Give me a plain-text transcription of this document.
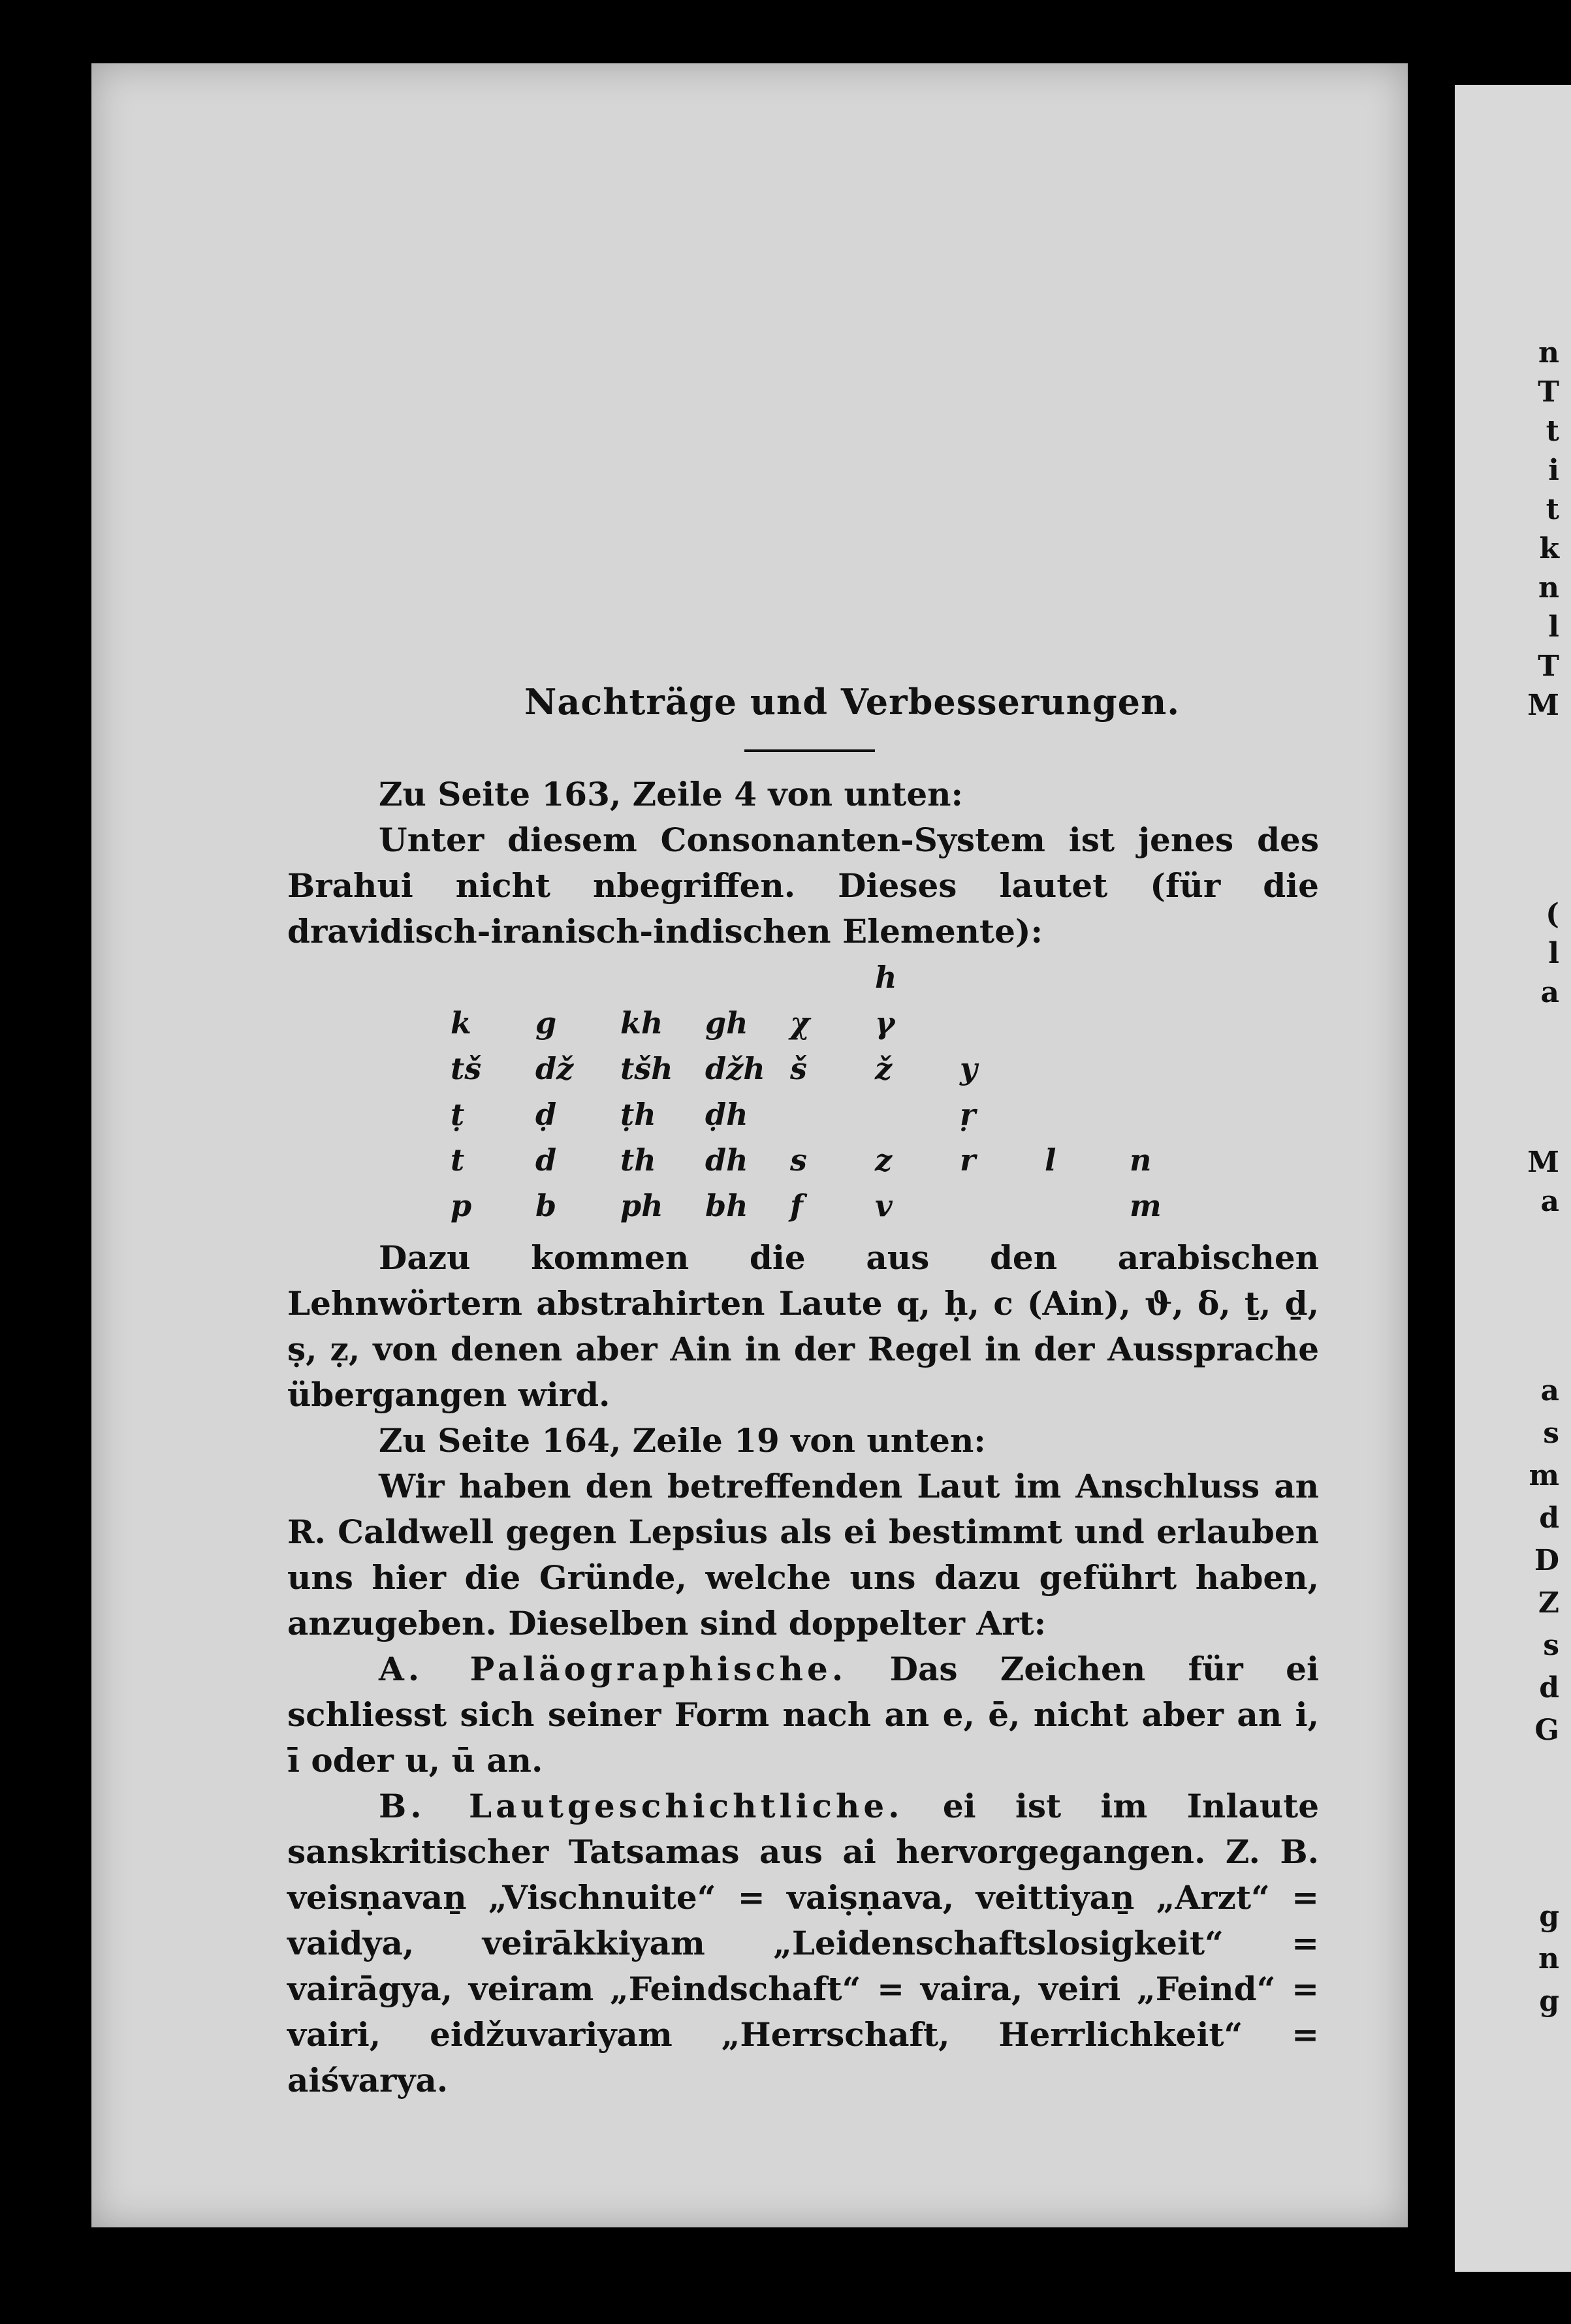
n
T
t
i
t
k
n
l
T
M
(
l
a
M
a
a
s
m
d
D
Z
s
d
G
g
n
g
Nachträge und Verbesserungen.

Zu Seite 163, Zeile 4 von unten:

Unter diesem Consonanten-System ist jenes des Brahui nicht nbegriffen. Dieses lautet (für die dravidisch-iranisch-indischen Elemente):

					h			
k	g	kh	gh	χ	γ			
tš	dž	tšh	džh	š	ž	y		
ṭ	ḍ	ṭh	ḍh			ṛ		
t	d	th	dh	s	z	r	l	n
p	b	ph	bh	f	v			m

Dazu kommen die aus den arabischen Lehnwörtern abstrahirten Laute q, ḥ, c (Ain), ϑ, δ, ṯ, ḏ, ṣ, ẓ, von denen aber Ain in der Regel in der Aussprache übergangen wird.

Zu Seite 164, Zeile 19 von unten:

Wir haben den betreffenden Laut im Anschluss an R. Caldwell gegen Lepsius als ei bestimmt und erlauben uns hier die Gründe, welche uns dazu geführt haben, anzugeben. Dieselben sind doppelter Art:

A. Paläographische. Das Zeichen für ei schliesst sich seiner Form nach an e, ē, nicht aber an i, ī oder u, ū an.

B. Lautgeschichtliche. ei ist im Inlaute sanskritischer Tatsamas aus ai hervorgegangen. Z. B. veisṇavaṉ „Vischnuite“ = vaiṣṇava, veittiyaṉ „Arzt“ = vaidya, veirākkiyam „Leidenschaftslosigkeit“ = vairāgya, veiram „Feindschaft“ = vaira, veiri „Feind“ = vairi, eidžuvariyam „Herrschaft, Herrlichkeit“ = aiśvarya.
